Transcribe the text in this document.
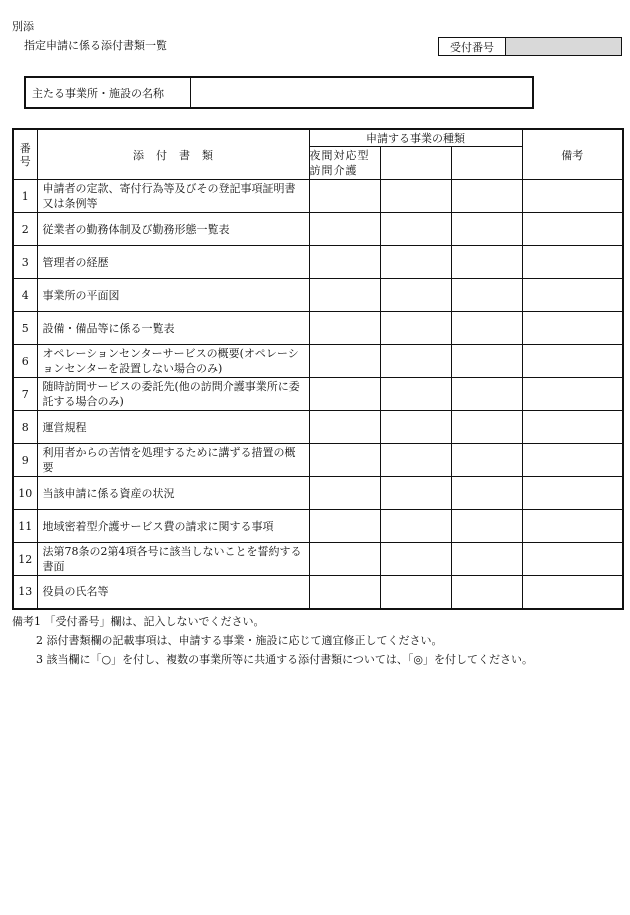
別添
指定申請に係る添付書類一覧	受付番号
主たる事業所・施設の名称
番
号	添付書類	申請する事業の種類			備考

		夜間対応型
訪問介護			

1	申請者の定款、寄付行為等及びその登記事項証明書又は条例等				
2	従業者の勤務体制及び勤務形態一覧表				
3	管理者の経歴				
4	事業所の平面図				
5	設備・備品等に係る一覧表				
6	オペレーションセンターサービスの概要(オペレーションセンターを設置しない場合のみ)				
7	随時訪問サービスの委託先(他の訪問介護事業所に委託する場合のみ)				
8	運営規程				
9	利用者からの苦情を処理するために講ずる措置の概要				
10	当該申請に係る資産の状況				
11	地域密着型介護サービス費の請求に関する事項				
12	法第78条の2第4項各号に該当しないことを誓約する書面				
13	役員の氏名等				
備考1 「受付番号」欄は、記入しないでください。
2 添付書類欄の記載事項は、申請する事業・施設に応じて適宜修正してください。
3 該当欄に「○」を付し、複数の事業所等に共通する添付書類については、「◎」を付してください。
